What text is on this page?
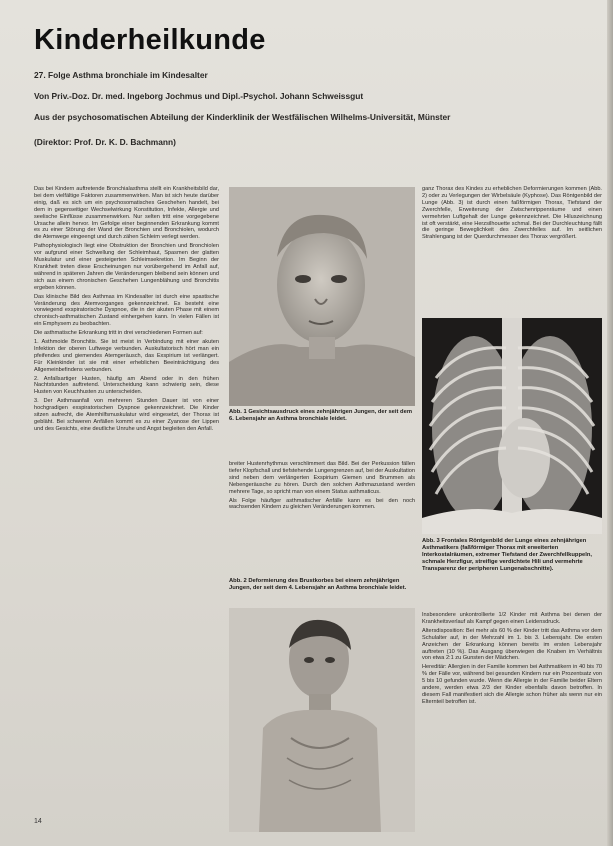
Kinderheilkunde
27. Folge Asthma bronchiale im Kindesalter
Von Priv.-Doz. Dr. med. Ingeborg Jochmus und Dipl.-Psychol. Johann Schweissgut
Aus der psychosomatischen Abteilung der Kinderklinik der Westfälischen Wilhelms-Universität, Münster
(Direktor: Prof. Dr. K. D. Bachmann)

Das bei Kindern auftretende Bronchialasthma stellt ein Krankheitsbild dar, bei dem vielfältige Faktoren zusammenwirken. Man ist sich heute darüber einig, daß es sich um ein psychosomatisches Geschehen handelt, bei dem in gegenseitiger Wechselwirkung Konstitution, Infekte, Allergie und seelische Einflüsse zusammenwirken. Nur selten tritt eine vorgegebene Ursache allein hervor. Im Gefolge einer beginnenden Erkrankung kommt es zu einer Störung der Wand der Bronchien und Bronchiolen, wodurch die Atemwege eingeengt und durch zähen Schleim verlegt werden.

Pathophysiologisch liegt eine Obstruktion der Bronchien und Bronchiolen vor aufgrund einer Schwellung der Schleimhaut, Spasmen der glatten Muskulatur und einer gesteigerten Schleimsekretion. Im Beginn der Krankheit treten diese Erscheinungen nur vorübergehend im Anfall auf, während in späteren Jahren die Veränderungen bleibend sein können und sich aus einem chronischen Geschehen Lungenblähung und Bronchitis ergeben können.

Das klinische Bild des Asthmas im Kindesalter ist durch eine spastische Veränderung des Atemvorganges gekennzeichnet. Es besteht eine vorwiegend exspiratorische Dyspnoe, die in der akuten Phase mit einem chronisch-asthmatischen Zustand einhergehen kann. In vielen Fällen ist ein Emphysem zu beobachten.

Die asthmatische Erkrankung tritt in drei verschiedenen Formen auf:

1. Asthmoide Bronchitis. Sie ist meist in Verbindung mit einer akuten Infektion der oberen Luftwege verbunden. Auskultatorisch hört man ein pfeifendes und giemendes Atemgeräusch, das Exspirium ist verlängert. Für Kleinkinder ist sie mit einer erheblichen Beeinträchtigung des Allgemeinbefindens verbunden.

2. Anfallsartiger Husten, häufig am Abend oder in den frühen Nachtstunden auftretend. Unterscheidung kann schwierig sein, diese Husten von Keuchhusten zu unterscheiden.

3. Der Asthmaanfall von mehreren Stunden Dauer ist von einer hochgradigen exspiratorischen Dyspnoe gekennzeichnet. Die Kinder sitzen aufrecht, die Atemhilfsmuskulatur wird eingesetzt, der Thorax ist gebläht. Bei schweren Anfällen kommt es zu einer Zyanose der Lippen und des Gesichts, eine deutliche Unruhe und Angst begleiten den Anfall.

Abb. 1 Gesichtsausdruck eines zehnjährigen Jungen, der seit dem 6. Lebensjahr an Asthma bronchiale leidet.

breiter Hustenrhythmus verschlimmert das Bild. Bei der Perkussion fällen tiefer Klopfschall und tiefstehende Lungengrenzen auf, bei der Auskultation sind neben dem verlängerten Exspirium Giemen und Brummen als Nebengeräusche zu hören. Durch den solchen Asthmazustand werden mehrere Tage, so spricht man von einem Status asthmaticus.

Als Folge häufiger asthmatischer Anfälle kann es bei den noch wachsenden Kindern zu gleichen Veränderungen kommen.

Abb. 2 Deformierung des Brustkorbes bei einem zehnjährigen Jungen, der seit dem 4. Lebensjahr an Asthma bronchiale leidet.

ganz Thorax des Kindes zu erheblichen Deformierungen kommen (Abb. 2) oder zu Verlegungen der Wirbelsäule (Kyphose). Das Röntgenbild der Lunge (Abb. 3) ist durch einen faßförmigen Thorax, Tiefstand der Zwerchfelle, Erweiterung der Zwischenrippenräume und einen vermehrten Luftgehalt der Lunge gekennzeichnet. Die Hiluszeichnung ist oft verstärkt, eine Herzsilhouette schmal. Bei der Durchleuchtung fällt die geringe Beweglichkeit des Zwerchfelles auf. Im seitlichen Strahlengang ist der Querdurchmesser des Thorax vergrößert.

Abb. 3 Frontales Röntgenbild der Lunge eines zehnjährigen Asthmatikers (faßförmiger Thorax mit erweiterten Interkostalräumen, extremer Tiefstand der Zwerchfellkuppeln, schmale Herzfigur, streifige verdichtete Hili und vermehrte Transparenz der peripheren Lungenabschnitte).

Insbesondere unkontrollierte 1/2 Kinder mit Asthma bei denen der Krankheitsverlauf als Kampf gegen einen Leidensdruck.

Altersdisposition: Bei mehr als 60 % der Kinder tritt das Asthma vor dem Schulalter auf, in der Mehrzahl im 1. bis 3. Lebensjahr. Die ersten Anzeichen der Erkrankung können bereits im ersten Lebensjahr auftreten (10 %). Das Ausgang überwiegen die Knaben im Verhältnis von etwa 2:1 zu Gunsten der Mädchen.

Hereditär: Allergien in der Familie kommen bei Asthmatikern in 40 bis 70 % der Fälle vor, während bei gesunden Kindern nur ein Prozentsatz von 5 bis 10 gefunden wurde. Wenn die Allergie in der Familie beider Eltern andere, werden etwa 2/3 der Kinder ebenfalls davon betroffen. In diesem Fall manifestiert sich die Allergie schon früher als wenn nur ein Elternteil betroffen ist.

14
